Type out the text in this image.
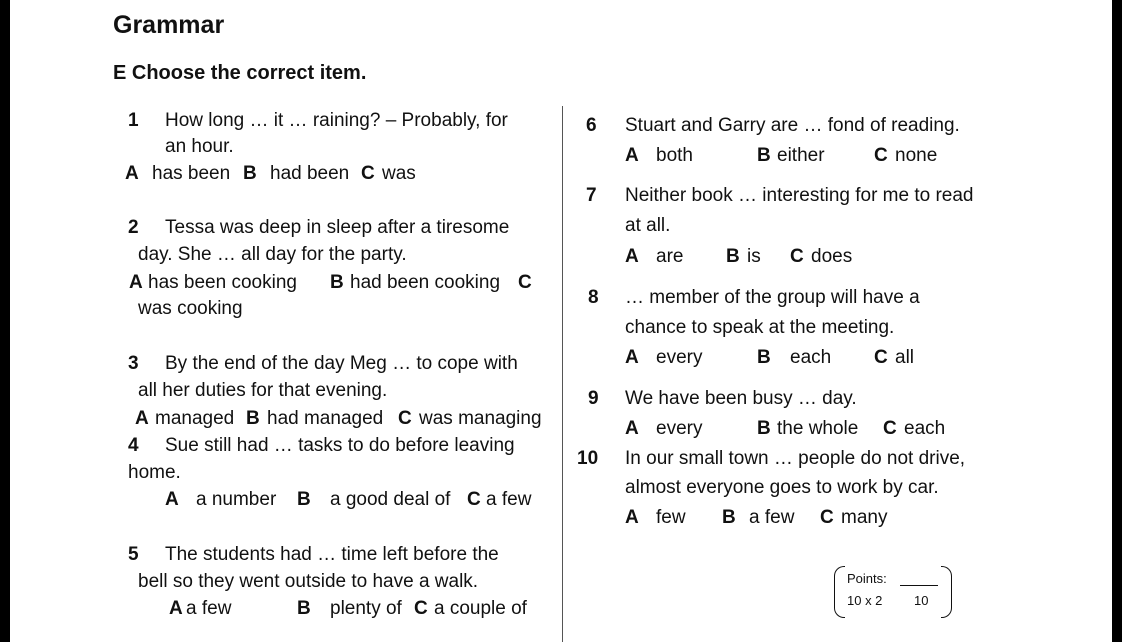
Grammar
E Choose the correct item.
1 How long … it … raining? – Probably, for
an hour.
A has been B had been C was
2 Tessa was deep in sleep after a tiresome
day. She … all day for the party.
A has been cooking B had been cooking C
was cooking
3 By the end of the day Meg … to cope with
all her duties for that evening.
A managed B had managed C was managing
4 Sue still had … tasks to do before leaving
home.
A a number B a good deal of C a few
5 The students had … time left before the
bell so they went outside to have a walk.
A a few	B plenty of C a couple of
6 Stuart and Garry are … fond of reading.
A both	B either	C none
7 Neither book … interesting for me to read
at all.
A are B is C does
8 … member of the group will have a
chance to speak at the meeting.
A every	B each C all
9 We have been busy … day.
A every	B the whole C each
10 In our small town … people do not drive,
almost everyone goes to work by car.
A few B a few C many
Points:
10 x 2 10
